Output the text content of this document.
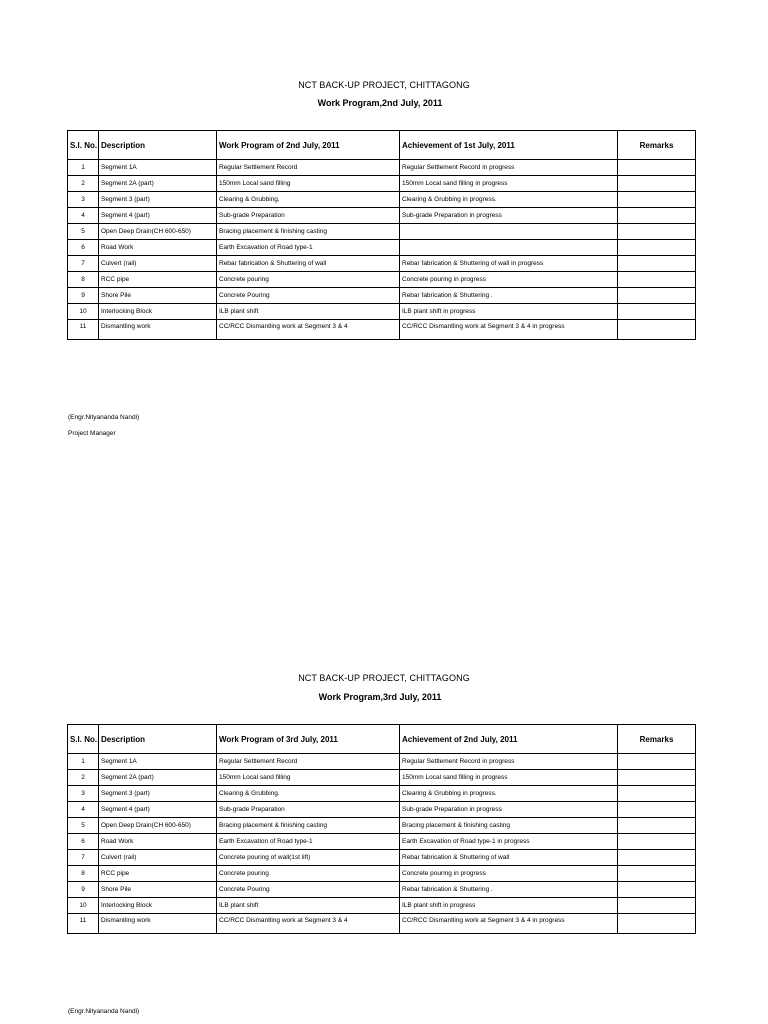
NCT BACK-UP PROJECT, CHITTAGONG
Work Program,2nd July, 2011
S.l. No.	Description	Work Program of 2nd July, 2011	Achievement of 1st July, 2011	Remarks
1	Segment 1A	Regular Settlement Record	Regular Settlement Record in progress	
2	Segment 2A (part)	150mm Local sand filling	150mm Local sand filling in progress	
3	Segment 3 (part)	Clearing & Grubbing.	Clearing & Grubbing in progress.	
4	Segment 4 (part)	Sub-grade Preparation	Sub-grade Preparation in progress	
5	Open Deep Drain(CH 600-650)	Bracing placement & finishing casting		
6	Road Work	Earth Excavation of Road type-1		
7	Culvert (rail)	Rebar fabrication & Shuttering of wall	Rebar fabrication & Shuttering of wall in progress	
8	RCC pipe	Concrete pouring	Concrete pouring in progress	
9	Shore Pile	Concrete Pouring	Rebar fabrication & Shuttering .	
10	Interlocking Block	ILB plant shift	ILB plant shift in progress	
11	Dismantling work	CC/RCC Dismantling work at Segment 3 & 4	CC/RCC Dismantling work at Segment 3 & 4 in progress	
(Engr.Nityananda Nandi)
Project Manager
NCT BACK-UP PROJECT, CHITTAGONG
Work Program,3rd July, 2011
S.l. No.	Description	Work Program of 3rd July, 2011	Achievement of 2nd July, 2011	Remarks
1	Segment 1A	Regular Settlement Record	Regular Settlement Record in progress	
2	Segment 2A (part)	150mm Local sand filling	150mm Local sand filling in progress	
3	Segment 3 (part)	Clearing & Grubbing.	Clearing & Grubbing in progress.	
4	Segment 4 (part)	Sub-grade Preparation	Sub-grade Preparation in progress	
5	Open Deep Drain(CH 600-650)	Bracing placement & finishing casting	Bracing placement & finishing casting	
6	Road Work	Earth Excavation of Road type-1	Earth Excavation of Road type-1 in progress	
7	Culvert (rail)	Concrete pouring of wall(1st lift)	Rebar fabrication & Shuttering of wall	
8	RCC pipe	Concrete pouring	Concrete pouring in progress	
9	Shore Pile	Concrete Pouring	Rebar fabrication & Shuttering .	
10	Interlocking Block	ILB plant shift	ILB plant shift in progress	
11	Dismantling work	CC/RCC Dismantling work at Segment 3 & 4	CC/RCC Dismantling work at Segment 3 & 4 in progress	
(Engr.Nityananda Nandi)
